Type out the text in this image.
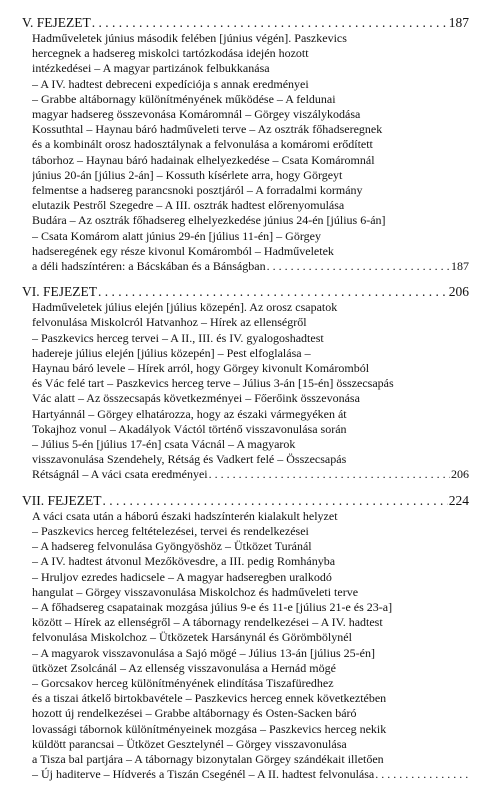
V. FEJEZET . . .	187
Hadműveletek június második felében [június végén]. Paszkevics
hercegnek a hadsereg miskolci tartózkodása idején hozott
intézkedései – A magyar partizánok felbukkanása
– A IV. hadtest debreceni expedíciója s annak eredményei
– Grabbe altábornagy különítményének működése – A feldunai
magyar hadsereg összevonása Komáromnál – Görgey viszálykodása
Kossuthtal – Haynau báró hadműveleti terve – Az osztrák főhadseregnek
és a kombinált orosz hadosztálynak a felvonulása a komáromi erődített
táborhoz – Haynau báró hadainak elhelyezkedése – Csata Komáromnál
június 20-án [július 2-án] – Kossuth kísérlete arra, hogy Görgeyt
felmentse a hadsereg parancsnoki posztjáról – A forradalmi kormány
elutazik Pestről Szegedre – A III. osztrák hadtest előrenyomulása
Budára – Az osztrák főhadsereg elhelyezkedése június 24-én [július 6-án]
– Csata Komárom alatt június 29-én [július 11-én] – Görgey
hadseregének egy része kivonul Komáromból – Hadműveletek
a déli hadszíntéren: a Bácskában és a Bánságban . . .	187
VI. FEJEZET . . .	206
Hadműveletek július elején [július közepén]. Az orosz csapatok
felvonulása Miskolcról Hatvanhoz – Hírek az ellenségről
– Paszkevics herceg tervei – A II., III. és IV. gyalogoshadtest
hadereje július elején [július közepén] – Pest elfoglalása –
Haynau báró levele – Hírek arról, hogy Görgey kivonult Komáromból
és Vác felé tart – Paszkevics herceg terve – Július 3-án [15-én] összecsapás
Vác alatt – Az összecsapás következményei – Főerőink összevonása
Hartyánnál – Görgey elhatározza, hogy az északi vármegyéken át
Tokajhoz vonul – Akadályok Váctól történő visszavonulása során
– Július 5-én [július 17-én] csata Vácnál – A magyarok
visszavonulása Szendehely, Rétság és Vadkert felé – Összecsapás
Rétságnál – A váci csata eredményei . . .	206
VII. FEJEZET . . .	224
A váci csata után a háború északi hadszínterén kialakult helyzet
– Paszkevics herceg feltételezései, tervei és rendelkezései
– A hadsereg felvonulása Gyöngyöshöz – Ütközet Turánál
– A IV. hadtest átvonul Mezőkövesdre, a III. pedig Romhányba
– Hruljov ezredes hadicsele – A magyar hadseregben uralkodó
hangulat – Görgey visszavonulása Miskolchoz és hadműveleti terve
– A főhadsereg csapatainak mozgása július 9-e és 11-e [július 21-e és 23-a]
között – Hírek az ellenségről – A tábornagy rendelkezései – A IV. hadtest
felvonulása Miskolchoz – Ütközetek Harsánynál és Görömbölynél
– A magyarok visszavonulása a Sajó mögé – Július 13-án [július 25-én]
ütközet Zsolcánál – Az ellenség visszavonulása a Hernád mögé
– Gorcsakov herceg különítményének elindítása Tiszafüredhez
és a tiszai átkelő birtokbavétele – Paszkevics herceg ennek következtében
hozott új rendelkezései – Grabbe altábornagy és Osten-Sacken báró
lovassági tábornok különítményeinek mozgása – Paszkevics herceg nekik
küldött parancsai – Ütközet Gesztelynél – Görgey visszavonulása
a Tisza bal partjára – A tábornagy bizonytalan Görgey szándékait illetően
– Új haditerve – Hídverés a Tiszán Csegénél – A II. hadtest felvonulása
. . .
